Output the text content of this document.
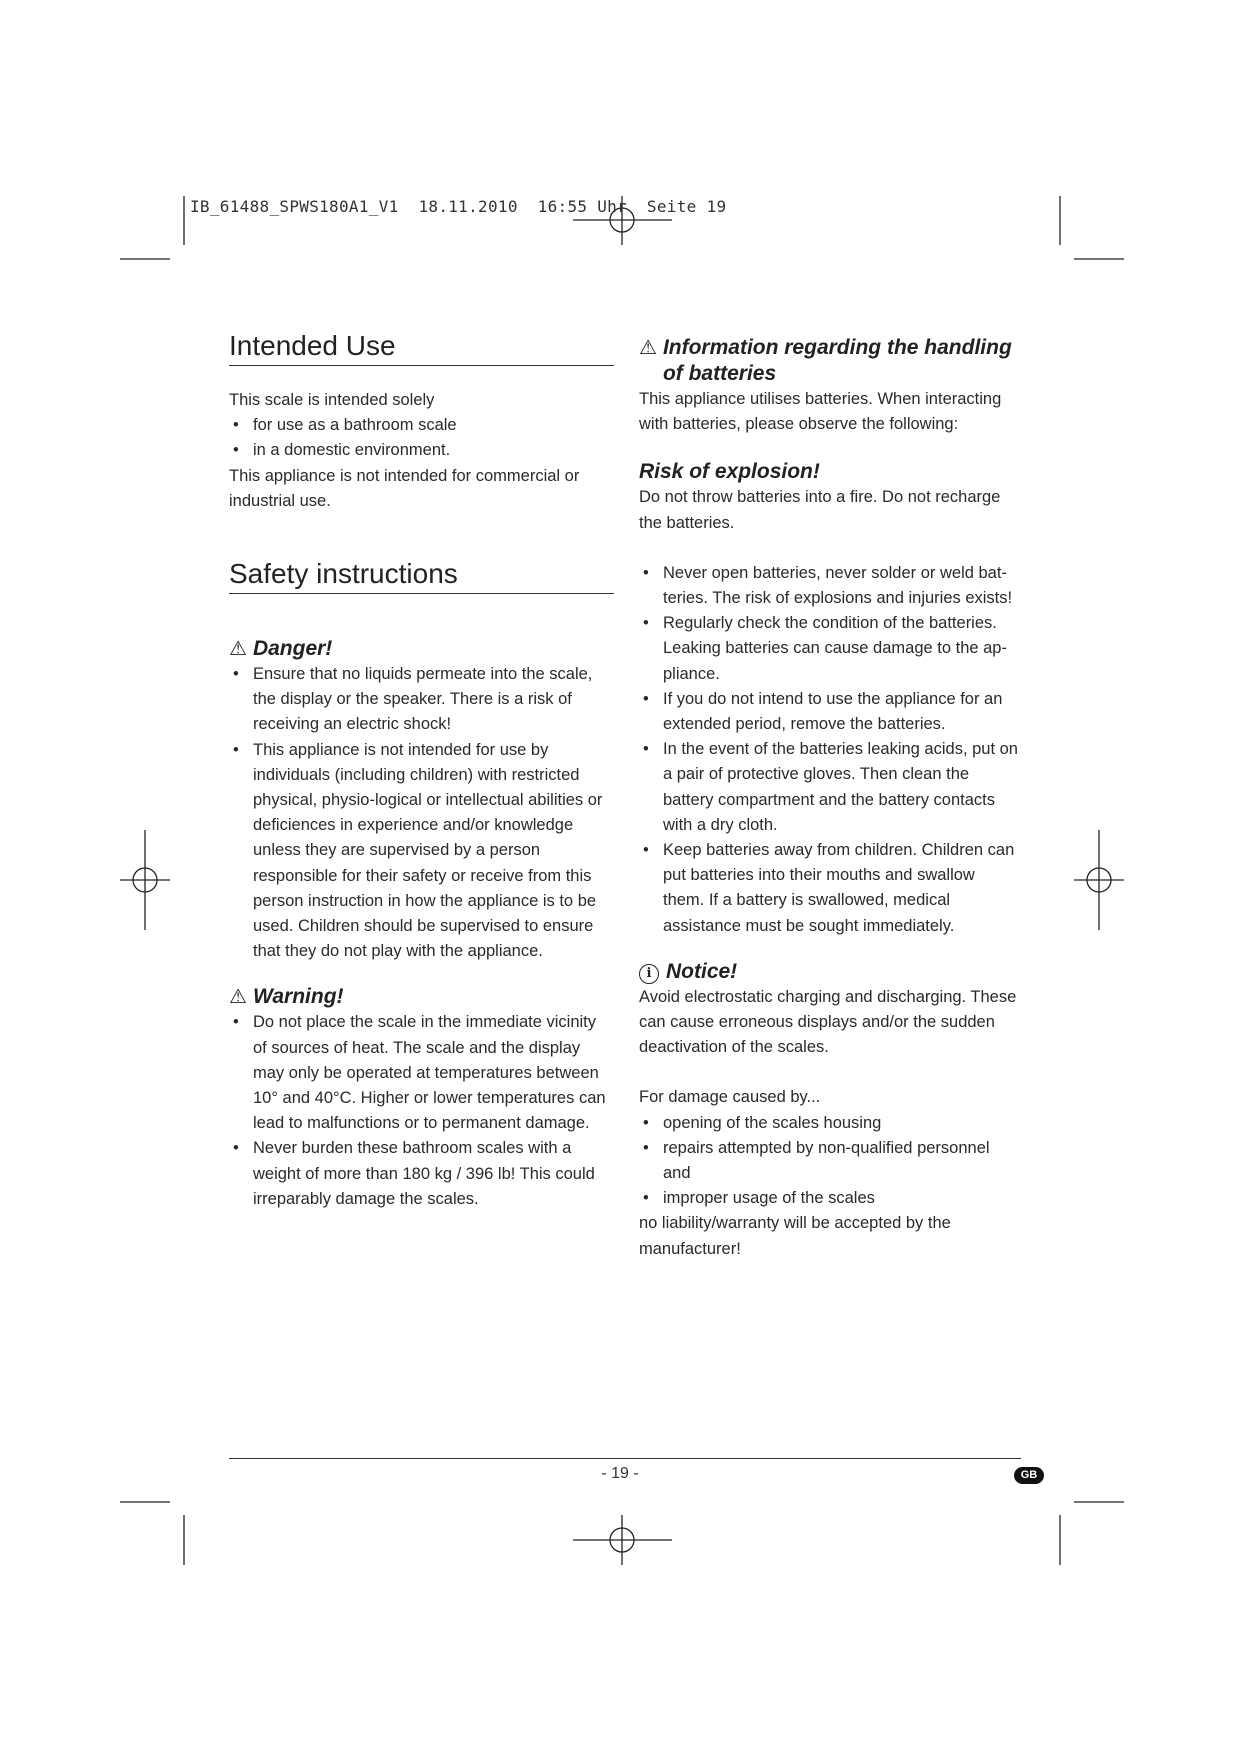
IB_61488_SPWS180A1_V1  18.11.2010  16:55 Uhr  Seite 19
Intended Use

This scale is intended solely

• for use as a bathroom scale
• in a domestic environment.

This appliance is not intended for commercial or industrial use.

Safety instructions
⚠ Danger!
• Ensure that no liquids permeate into the scale, the display or the speaker. There is a risk of receiving an electric shock!
• This appliance is not intended for use by individuals (including children) with restricted physical, physio-logical or intellectual abilities or deficiences in experience and/or knowledge unless they are supervised by a person responsible for their safety or receive from this person instruction in how the appliance is to be used. Children should be supervised to ensure that they do not play with the appliance.
⚠ Warning!
• Do not place the scale in the immediate vicinity of sources of heat. The scale and the display may only be operated at temperatures between 10° and 40°C. Higher or lower temperatures can lead to malfunctions or to permanent damage.
• Never burden these bathroom scales with a weight of more than 180 kg / 396 lb! This could irreparably damage the scales.
⚠ Information regarding the handling of batteries

This appliance utilises batteries. When interacting with batteries, please observe the following:

Risk of explosion!

Do not throw batteries into a fire. Do not recharge the batteries.

• Never open batteries, never solder or weld bat-teries. The risk of explosions and injuries exists!
• Regularly check the condition of the batteries. Leaking batteries can cause damage to the ap-pliance.
• If you do not intend to use the appliance for an extended period, remove the batteries.
• In the event of the batteries leaking acids, put on a pair of protective gloves. Then clean the battery compartment and the battery contacts with a dry cloth.
• Keep batteries away from children. Children can put batteries into their mouths and swallow them. If a battery is swallowed, medical assistance must be sought immediately.
i Notice!

Avoid electrostatic charging and discharging. These can cause erroneous displays and/or the sudden deactivation of the scales.

For damage caused by...

• opening of the scales housing
• repairs attempted by non-qualified personnel and
• improper usage of the scales

no liability/warranty will be accepted by the manufacturer!

- 19 -	GB
